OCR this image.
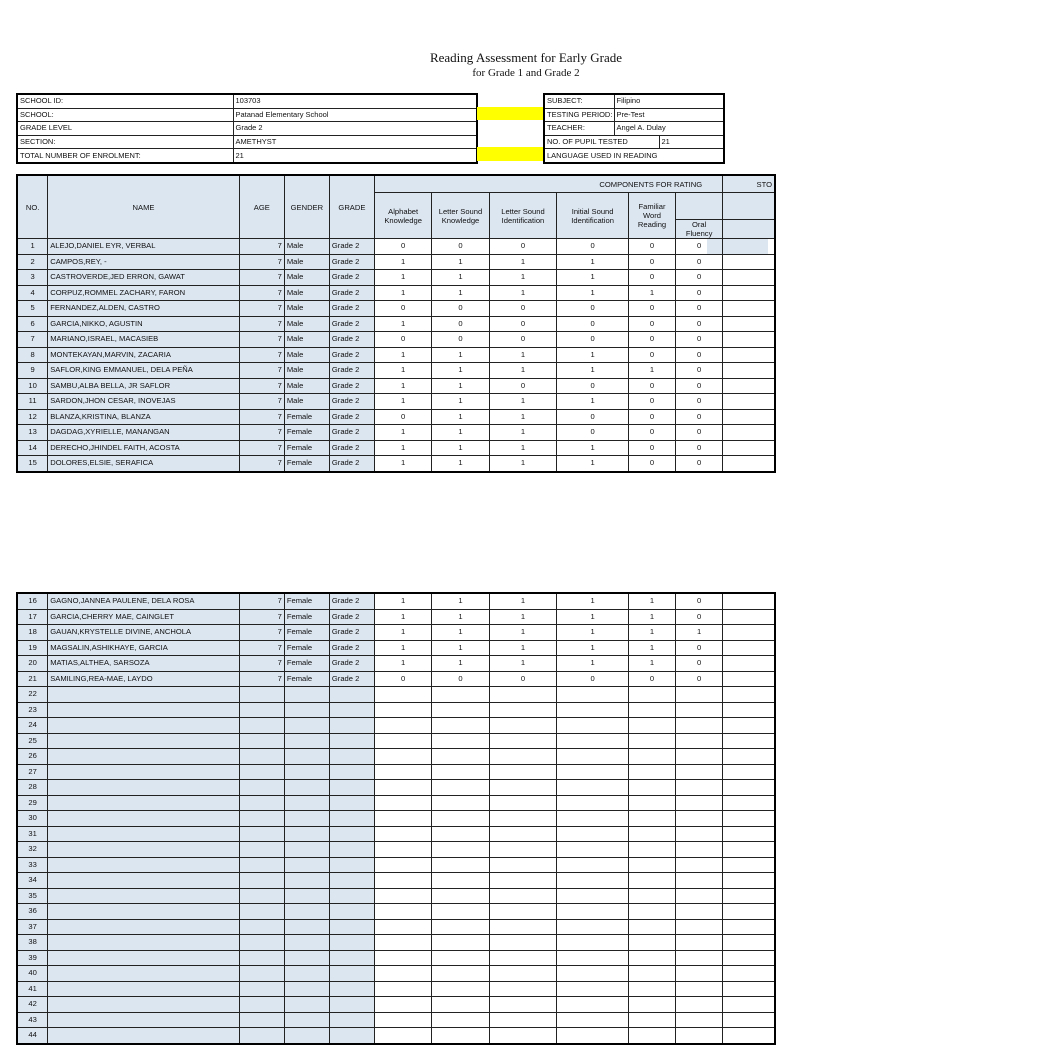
Reading Assessment for Early Grade
for Grade 1 and Grade 2
SCHOOL ID:	103703
SCHOOL:	Patanad Elementary School
GRADE LEVEL	Grade 2
SECTION:	AMETHYST
TOTAL NUMBER OF ENROLMENT:	21

SUBJECT:	Filipino	
TESTING PERIOD:	Pre-Test	
TEACHER:	Angel A. Dulay	
NO. OF PUPIL TESTED		21
LANGUAGE USED IN READING		
NO.	NAME	AGE	GENDER	GRADE	COMPONENTS FOR RATING						STO
					Alphabet Knowledge	Letter Sound Knowledge	Letter Sound Identification	Initial Sound Identification	Familiar Word Reading		
										Oral Fluency	
1	ALEJO,DANIEL EYR, VERBAL	7	Male	Grade 2	0	0	0	0	0	0	
2	CAMPOS,REY, -	7	Male	Grade 2	1	1	1	1	0	0	
3	CASTROVERDE,JED ERRON, GAWAT	7	Male	Grade 2	1	1	1	1	0	0	
4	CORPUZ,ROMMEL ZACHARY, FARON	7	Male	Grade 2	1	1	1	1	1	0	
5	FERNANDEZ,ALDEN, CASTRO	7	Male	Grade 2	0	0	0	0	0	0	
6	GARCIA,NIKKO, AGUSTIN	7	Male	Grade 2	1	0	0	0	0	0	
7	MARIANO,ISRAEL, MACASIEB	7	Male	Grade 2	0	0	0	0	0	0	
8	MONTEKAYAN,MARVIN, ZACARIA	7	Male	Grade 2	1	1	1	1	0	0	
9	SAFLOR,KING EMMANUEL, DELA PEÑA	7	Male	Grade 2	1	1	1	1	1	0	
10	SAMBU,ALBA BELLA, JR SAFLOR	7	Male	Grade 2	1	1	0	0	0	0	
11	SARDON,JHON CESAR, INOVEJAS	7	Male	Grade 2	1	1	1	1	0	0	
12	BLANZA,KRISTINA, BLANZA	7	Female	Grade 2	0	1	1	0	0	0	
13	DAGDAG,XYRIELLE, MANANGAN	7	Female	Grade 2	1	1	1	0	0	0	
14	DERECHO,JHINDEL FAITH, ACOSTA	7	Female	Grade 2	1	1	1	1	0	0	
15	DOLORES,ELSIE, SERAFICA	7	Female	Grade 2	1	1	1	1	0	0	
16	GAGNO,JANNEA PAULENE, DELA ROSA	7	Female	Grade 2	1	1	1	1	1	0	
17	GARCIA,CHERRY MAE, CAINGLET	7	Female	Grade 2	1	1	1	1	1	0	
18	GAUAN,KRYSTELLE DIVINE, ANCHOLA	7	Female	Grade 2	1	1	1	1	1	1	
19	MAGSALIN,ASHIKHAYE, GARCIA	7	Female	Grade 2	1	1	1	1	1	0	
20	MATIAS,ALTHEA, SARSOZA	7	Female	Grade 2	1	1	1	1	1	0	
21	SAMILING,REA-MAE, LAYDO	7	Female	Grade 2	0	0	0	0	0	0	
22											
23											
24											
25											
26											
27											
28											
29											
30											
31											
32											
33											
34											
35											
36											
37											
38											
39											
40											
41											
42											
43											
44											
